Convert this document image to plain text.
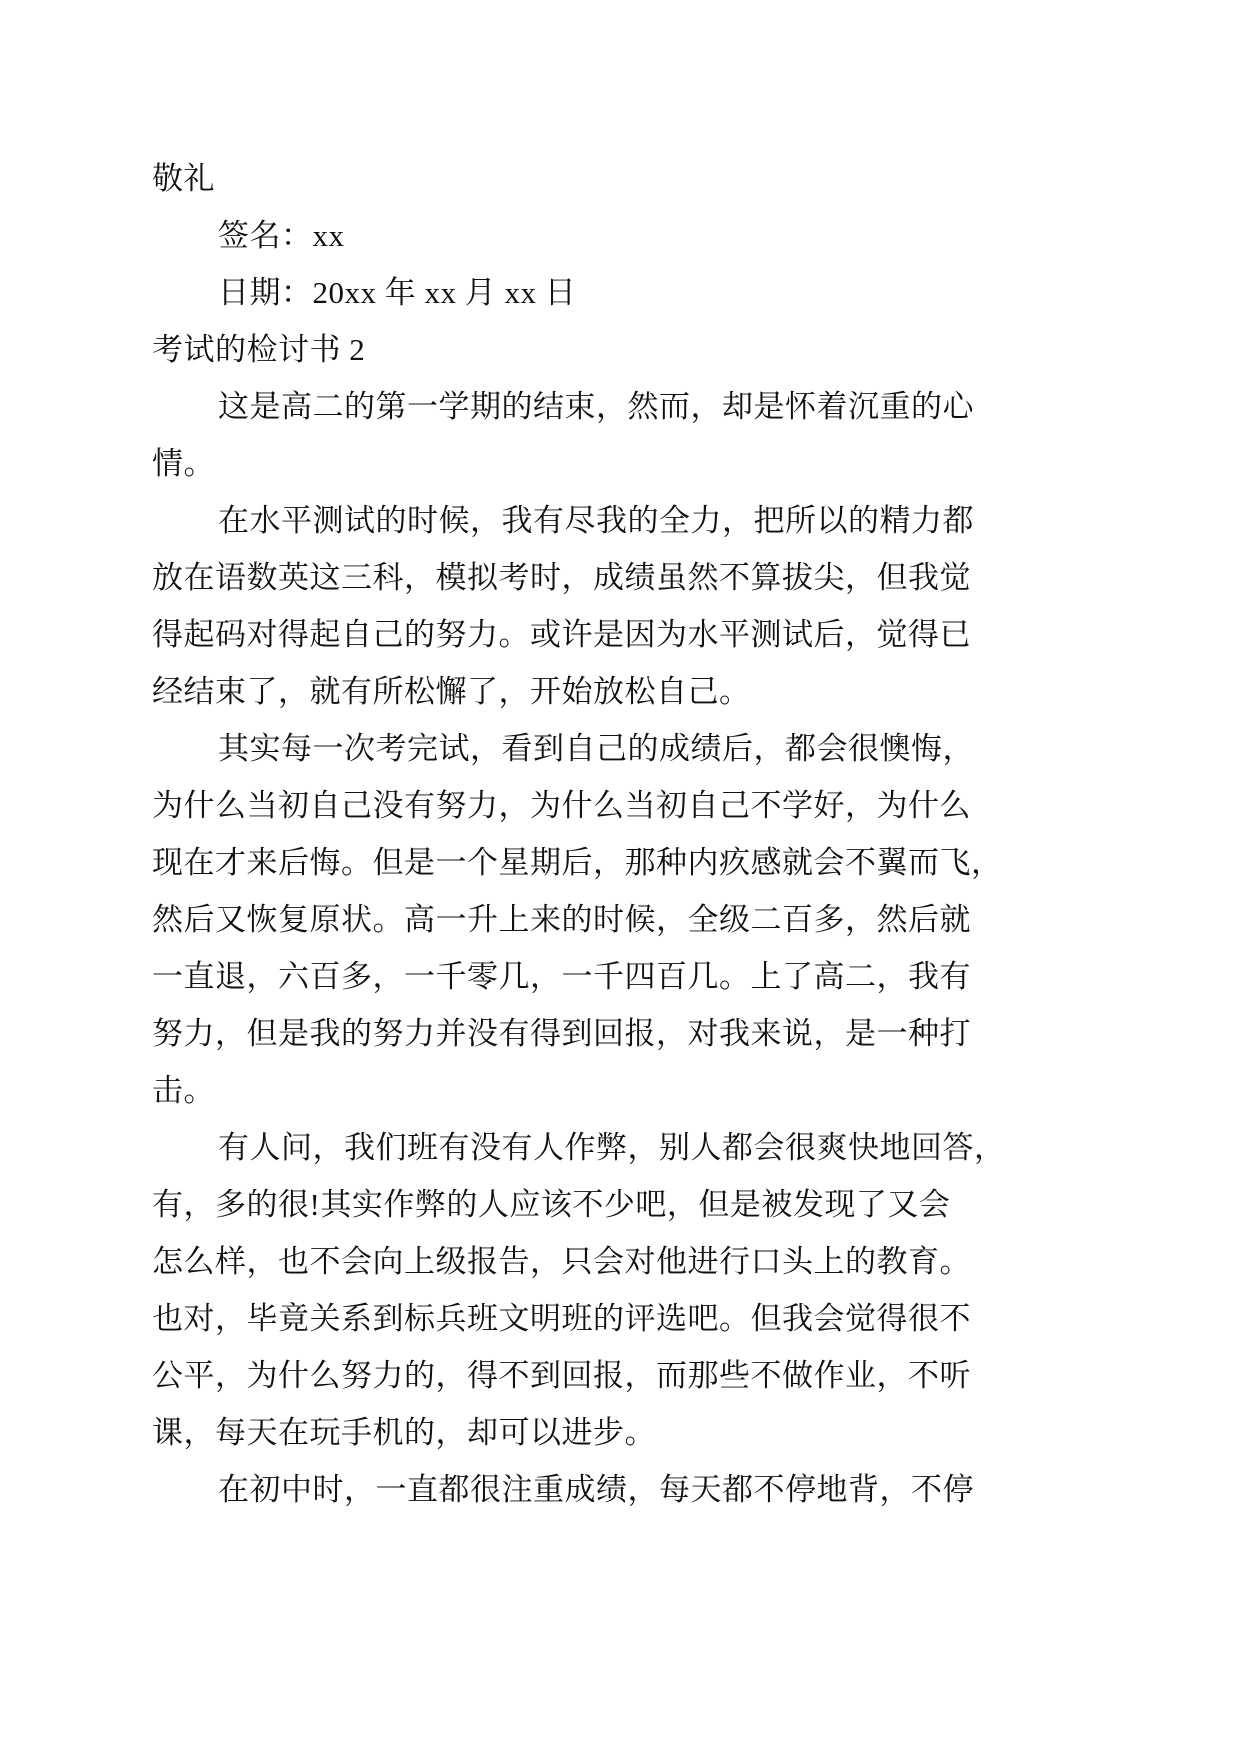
敬礼
签名：xx
日期：20xx 年 xx 月 xx 日
考试的检讨书 2
这是高二的第一学期的结束，然而，却是怀着沉重的心
情。
在水平测试的时候，我有尽我的全力，把所以的精力都
放在语数英这三科，模拟考时，成绩虽然不算拔尖，但我觉
得起码对得起自己的努力。或许是因为水平测试后，觉得已
经结束了，就有所松懈了，开始放松自己。
其实每一次考完试，看到自己的成绩后，都会很懊悔，
为什么当初自己没有努力，为什么当初自己不学好，为什么
现在才来后悔。但是一个星期后，那种内疚感就会不翼而飞，
然后又恢复原状。高一升上来的时候，全级二百多，然后就
一直退，六百多，一千零几，一千四百几。上了高二，我有
努力，但是我的努力并没有得到回报，对我来说，是一种打
击。
有人问，我们班有没有人作弊，别人都会很爽快地回答，
有，多的很!其实作弊的人应该不少吧，但是被发现了又会
怎么样，也不会向上级报告，只会对他进行口头上的教育。
也对，毕竟关系到标兵班文明班的评选吧。但我会觉得很不
公平，为什么努力的，得不到回报，而那些不做作业，不听
课，每天在玩手机的，却可以进步。
在初中时，一直都很注重成绩，每天都不停地背，不停
